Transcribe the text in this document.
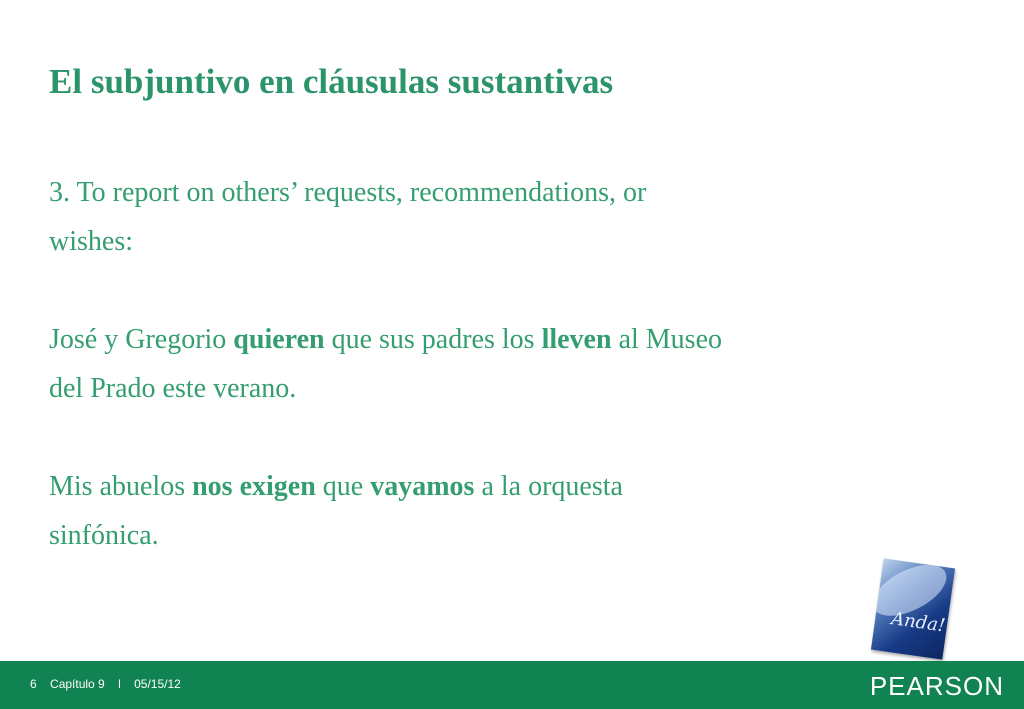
El subjuntivo en cláusulas sustantivas

3. To report on others’ requests, recommendations, or

wishes:

José y Gregorio quieren que sus padres los lleven al Museo

del Prado este verano.

Mis abuelos nos exigen que vayamos a la orquesta

sinfónica.

Anda!
6 Capítulo 9 l 05/15/12	PEARSON
